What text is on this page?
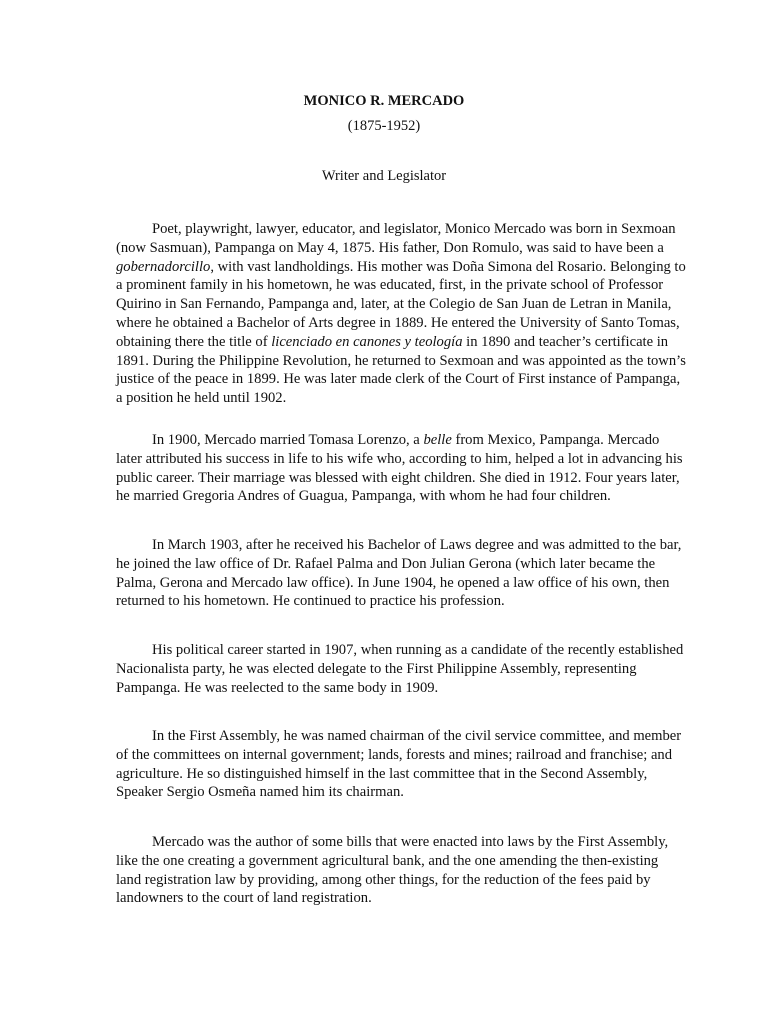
MONICO R. MERCADO
(1875-1952)
Writer and Legislator

Poet, playwright, lawyer, educator, and legislator, Monico Mercado was born in Sexmoan (now Sasmuan), Pampanga on May 4, 1875. His father, Don Romulo, was said to have been a gobernadorcillo, with vast landholdings. His mother was Doña Simona del Rosario. Belonging to a prominent family in his hometown, he was educated, first, in the private school of Professor Quirino in San Fernando, Pampanga and, later, at the Colegio de San Juan de Letran in Manila, where he obtained a Bachelor of Arts degree in 1889. He entered the University of Santo Tomas, obtaining there the title of licenciado en canones y teología in 1890 and teacher’s certificate in 1891. During the Philippine Revolution, he returned to Sexmoan and was appointed as the town’s justice of the peace in 1899. He was later made clerk of the Court of First instance of Pampanga, a position he held until 1902.

In 1900, Mercado married Tomasa Lorenzo, a belle from Mexico, Pampanga. Mercado later attributed his success in life to his wife who, according to him, helped a lot in advancing his public career. Their marriage was blessed with eight children. She died in 1912. Four years later, he married Gregoria Andres of Guagua, Pampanga, with whom he had four children.

In March 1903, after he received his Bachelor of Laws degree and was admitted to the bar, he joined the law office of Dr. Rafael Palma and Don Julian Gerona (which later became the Palma, Gerona and Mercado law office). In June 1904, he opened a law office of his own, then returned to his hometown. He continued to practice his profession.

His political career started in 1907, when running as a candidate of the recently established Nacionalista party, he was elected delegate to the First Philippine Assembly, representing Pampanga. He was reelected to the same body in 1909.

In the First Assembly, he was named chairman of the civil service committee, and member of the committees on internal government; lands, forests and mines; railroad and franchise; and agriculture. He so distinguished himself in the last committee that in the Second Assembly, Speaker Sergio Osmeña named him its chairman.

Mercado was the author of some bills that were enacted into laws by the First Assembly, like the one creating a government agricultural bank, and the one amending the then-existing land registration law by providing, among other things, for the reduction of the fees paid by landowners to the court of land registration.
